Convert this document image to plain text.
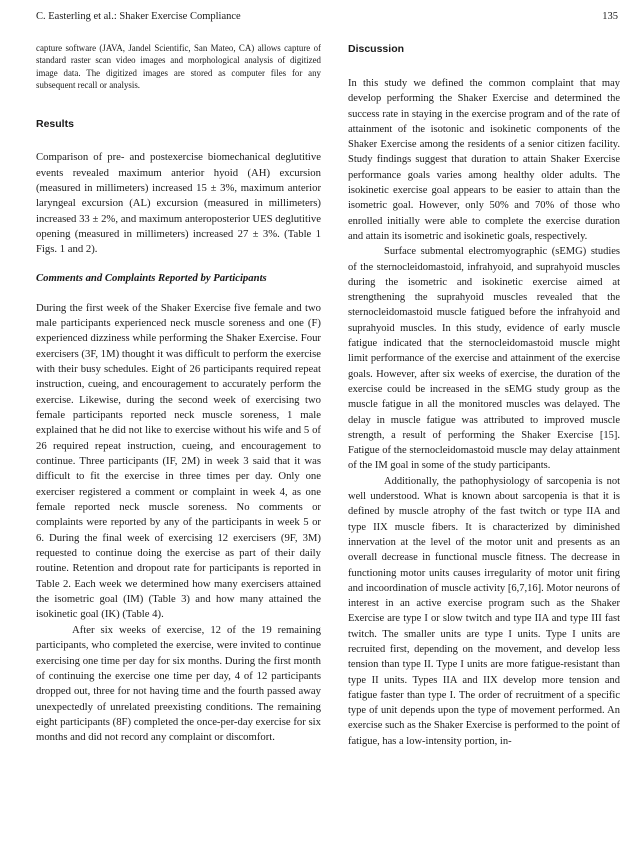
C. Easterling et al.: Shaker Exercise Compliance	135

capture software (JAVA, Jandel Scientific, San Mateo, CA) allows capture of standard raster scan video images and morphological analysis of digitized image data. The digitized images are stored as computer files for any subsequent recall or analysis.

Results

Comparison of pre- and postexercise biomechanical deglutitive events revealed maximum anterior hyoid (AH) excursion (measured in millimeters) increased 15 ± 3%, maximum anterior laryngeal excursion (AL) excursion (measured in millimeters) increased 33 ± 2%, and maximum anteroposterior UES deglutitive opening (measured in millimeters) increased 27 ± 3%. (Table 1 Figs. 1 and 2).

Comments and Complaints Reported by Participants

During the first week of the Shaker Exercise five female and two male participants experienced neck muscle soreness and one (F) experienced dizziness while performing the Shaker Exercise. Four exercisers (3F, 1M) thought it was difficult to perform the exercise with their busy schedules. Eight of 26 participants required repeat instruction, cueing, and encouragement to accurately perform the exercise. Likewise, during the second week of exercising two female participants reported neck muscle soreness, 1 male explained that he did not like to exercise without his wife and 5 of 26 required repeat instruction, cueing, and encouragement to continue. Three participants (IF, 2M) in week 3 said that it was difficult to fit the exercise in three times per day. Only one exerciser registered a comment or complaint in week 4, as one female reported neck muscle soreness. No comments or complaints were reported by any of the participants in week 5 or 6. During the final week of exercising 12 exercisers (9F, 3M) requested to continue doing the exercise as part of their daily routine. Retention and dropout rate for participants is reported in Table 2. Each week we determined how many exercisers attained the isometric goal (IM) (Table 3) and how many attained the isokinetic goal (IK) (Table 4).

After six weeks of exercise, 12 of the 19 remaining participants, who completed the exercise, were invited to continue exercising one time per day for six months. During the first month of continuing the exercise one time per day, 4 of 12 participants dropped out, three for not having time and the fourth passed away unexpectedly of unrelated preexisting conditions. The remaining eight participants (8F) completed the once-per-day exercise for six months and did not record any complaint or discomfort.

Discussion

In this study we defined the common complaint that may develop performing the Shaker Exercise and determined the success rate in staying in the exercise program and of the rate of attainment of the isotonic and isokinetic components of the Shaker Exercise among the residents of a senior citizen facility. Study findings suggest that duration to attain Shaker Exercise performance goals varies among healthy older adults. The isokinetic exercise goal appears to be easier to attain than the isometric goal. However, only 50% and 70% of those who enrolled initially were able to complete the exercise duration and attain its isometric and isokinetic goals, respectively.

Surface submental electromyographic (sEMG) studies of the sternocleidomastoid, infrahyoid, and suprahyoid muscles during the isometric and isokinetic exercise aimed at strengthening the suprahyoid muscles revealed that the sternocleidomastoid muscle fatigued before the infrahyoid and suprahyoid muscles. In this study, evidence of early muscle fatigue indicated that the sternocleidomastoid muscle might limit performance of the exercise and attainment of the exercise goals. However, after six weeks of exercise, the duration of the exercise could be increased in the sEMG study group as the muscle fatigue in all the monitored muscles was delayed. The delay in muscle fatigue was attributed to improved muscle strength, a result of performing the Shaker Exercise [15]. Fatigue of the sternocleidomastoid muscle may delay attainment of the IM goal in some of the study participants.

Additionally, the pathophysiology of sarcopenia is not well understood. What is known about sarcopenia is that it is defined by muscle atrophy of the fast twitch or type IIA and type IIX muscle fibers. It is characterized by diminished innervation at the level of the motor unit and presents as an overall decrease in functional muscle fitness. The decrease in functioning motor units causes irregularity of motor unit firing and incoordination of muscle activity [6,7,16]. Motor neurons of interest in an active exercise program such as the Shaker Exercise are type I or slow twitch and type IIA and type III fast twitch. The smaller units are type I units. Type I units are recruited first, depending on the movement, and develop less tension than type II. Type I units are more fatigue-resistant than type II units. Types IIA and IIX develop more tension and fatigue faster than type I. The order of recruitment of a specific type of unit depends upon the type of movement performed. An exercise such as the Shaker Exercise is performed to the point of fatigue, has a low-intensity portion, in-
